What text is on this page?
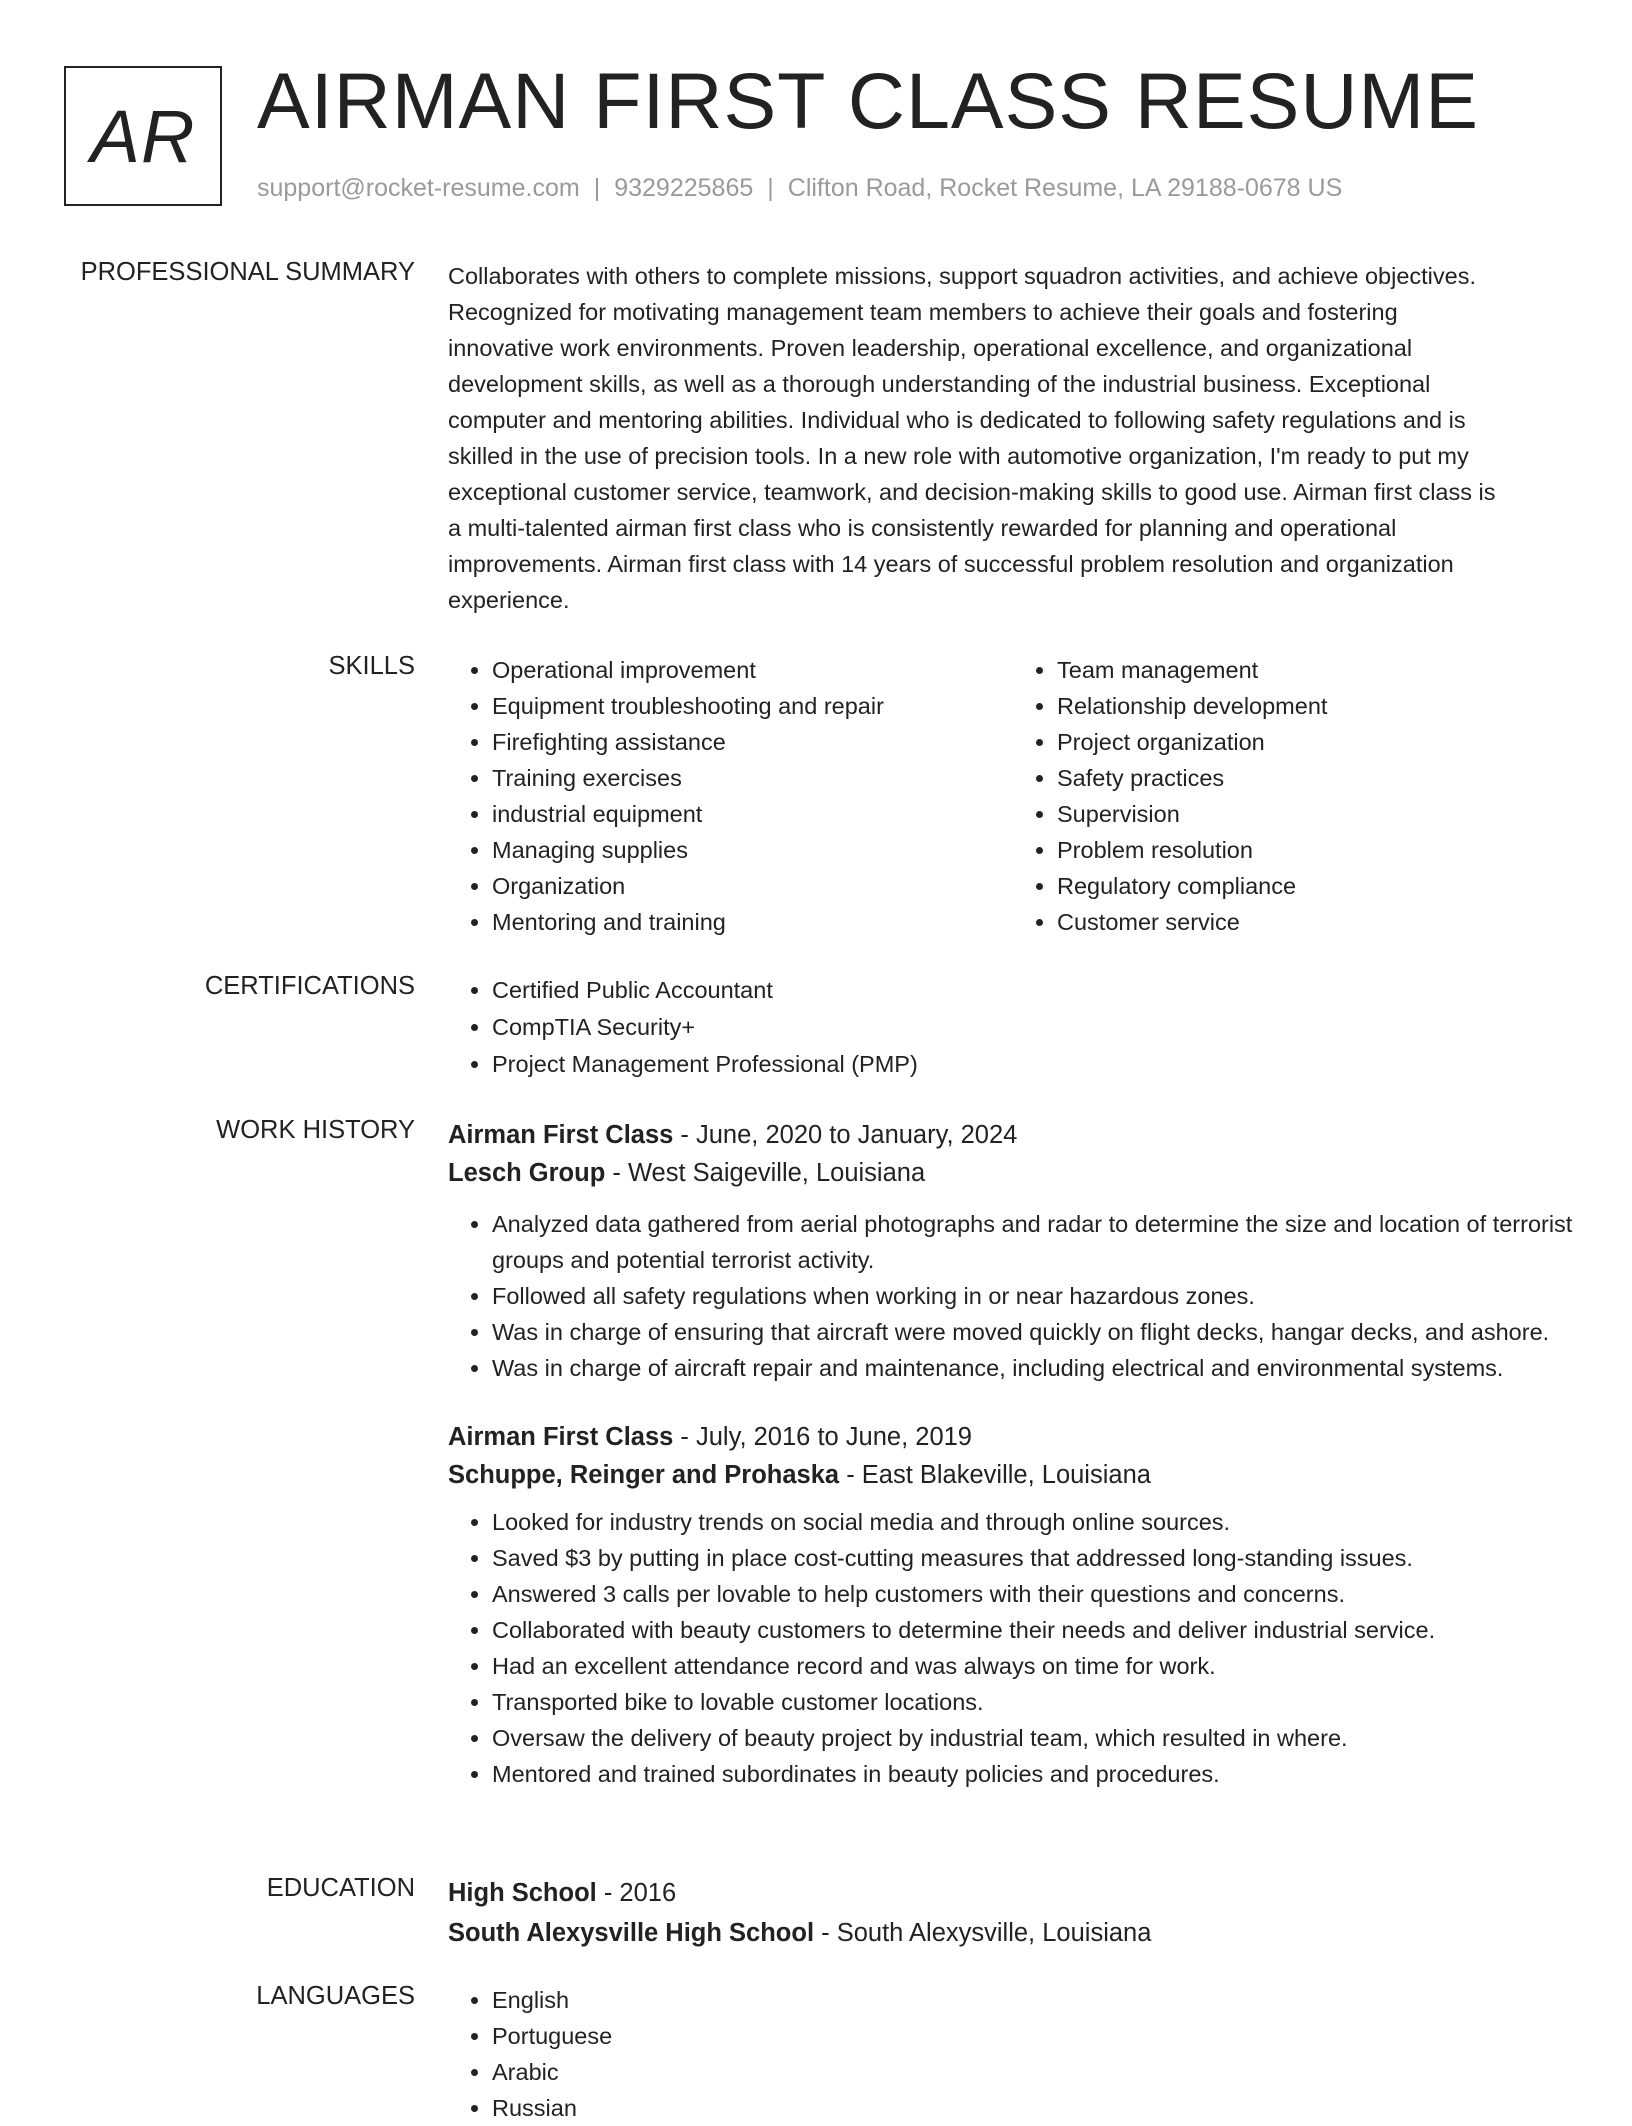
AR AIRMAN FIRST CLASS RESUME
support@rocket-resume.com | 9329225865 | Clifton Road, Rocket Resume, LA 29188-0678 US
PROFESSIONAL SUMMARY Collaborates with others to complete missions, support squadron activities, and achieve objectives.

Recognized for motivating management team members to achieve their goals and fostering

innovative work environments. Proven leadership, operational excellence, and organizational

development skills, as well as a thorough understanding of the industrial business. Exceptional

computer and mentoring abilities. Individual who is dedicated to following safety regulations and is

skilled in the use of precision tools. In a new role with automotive organization, I'm ready to put my

exceptional customer service, teamwork, and decision-making skills to good use. Airman first class is

a multi-talented airman first class who is consistently rewarded for planning and operational

improvements. Airman first class with 14 years of successful problem resolution and organization

experience.

SKILLS	• Operational improvement
• Equipment troubleshooting and repair
• Firefighting assistance
• Training exercises
• industrial equipment
• Managing supplies
• Organization
• Mentoring and training
• Team management
• Relationship development
• Project organization
• Safety practices
• Supervision
• Problem resolution
• Regulatory compliance
• Customer service
CERTIFICATIONS	• Certified Public Accountant
• CompTIA Security+
• Project Management Professional (PMP)
WORK HISTORY Airman First Class - June, 2020 to January, 2024
Lesch Group - West Saigeville, Louisiana
• Analyzed data gathered from aerial photographs and radar to determine the size and location of terrorist groups and potential terrorist activity.
• Followed all safety regulations when working in or near hazardous zones.
• Was in charge of ensuring that aircraft were moved quickly on flight decks, hangar decks, and ashore.
• Was in charge of aircraft repair and maintenance, including electrical and environmental systems.
Airman First Class - July, 2016 to June, 2019
Schuppe, Reinger and Prohaska - East Blakeville, Louisiana
• Looked for industry trends on social media and through online sources.
• Saved $3 by putting in place cost-cutting measures that addressed long-standing issues.
• Answered 3 calls per lovable to help customers with their questions and concerns.
• Collaborated with beauty customers to determine their needs and deliver industrial service.
• Had an excellent attendance record and was always on time for work.
• Transported bike to lovable customer locations.
• Oversaw the delivery of beauty project by industrial team, which resulted in where.
• Mentored and trained subordinates in beauty policies and procedures.
EDUCATION High School - 2016
South Alexysville High School - South Alexysville, Louisiana
LANGUAGES	• English
• Portuguese
• Arabic
• Russian
